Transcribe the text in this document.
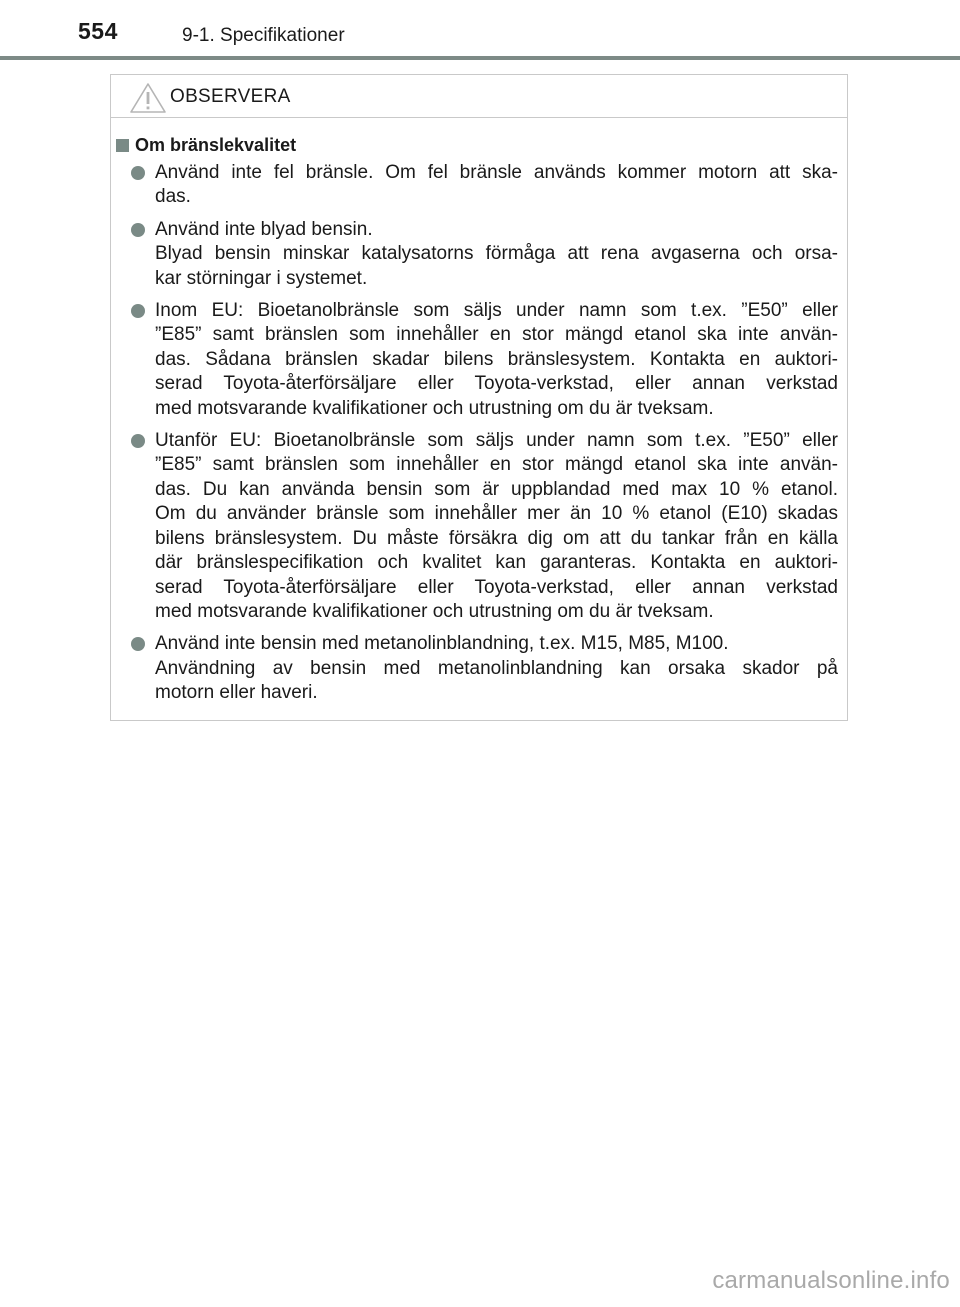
554	9-1. Specifikationer
OBSERVERA
Om bränslekvalitet
Använd inte fel bränsle. Om fel bränsle används kommer motorn att ska-
das.
Använd inte blyad bensin.
Blyad bensin minskar katalysatorns förmåga att rena avgaserna och orsa-
kar störningar i systemet.
Inom EU: Bioetanolbränsle som säljs under namn som t.ex. ”E50” eller
”E85” samt bränslen som innehåller en stor mängd etanol ska inte använ-
das. Sådana bränslen skadar bilens bränslesystem. Kontakta en auktori-
serad Toyota-återförsäljare eller Toyota-verkstad, eller annan verkstad
med motsvarande kvalifikationer och utrustning om du är tveksam.
Utanför EU: Bioetanolbränsle som säljs under namn som t.ex. ”E50” eller
”E85” samt bränslen som innehåller en stor mängd etanol ska inte använ-
das. Du kan använda bensin som är uppblandad med max 10 % etanol.
Om du använder bränsle som innehåller mer än 10 % etanol (E10) skadas
bilens bränslesystem. Du måste försäkra dig om att du tankar från en källa
där bränslespecifikation och kvalitet kan garanteras. Kontakta en auktori-
serad Toyota-återförsäljare eller Toyota-verkstad, eller annan verkstad
med motsvarande kvalifikationer och utrustning om du är tveksam.
Använd inte bensin med metanolinblandning, t.ex. M15, M85, M100.
Användning av bensin med metanolinblandning kan orsaka skador på
motorn eller haveri.
carmanualsonline.info
